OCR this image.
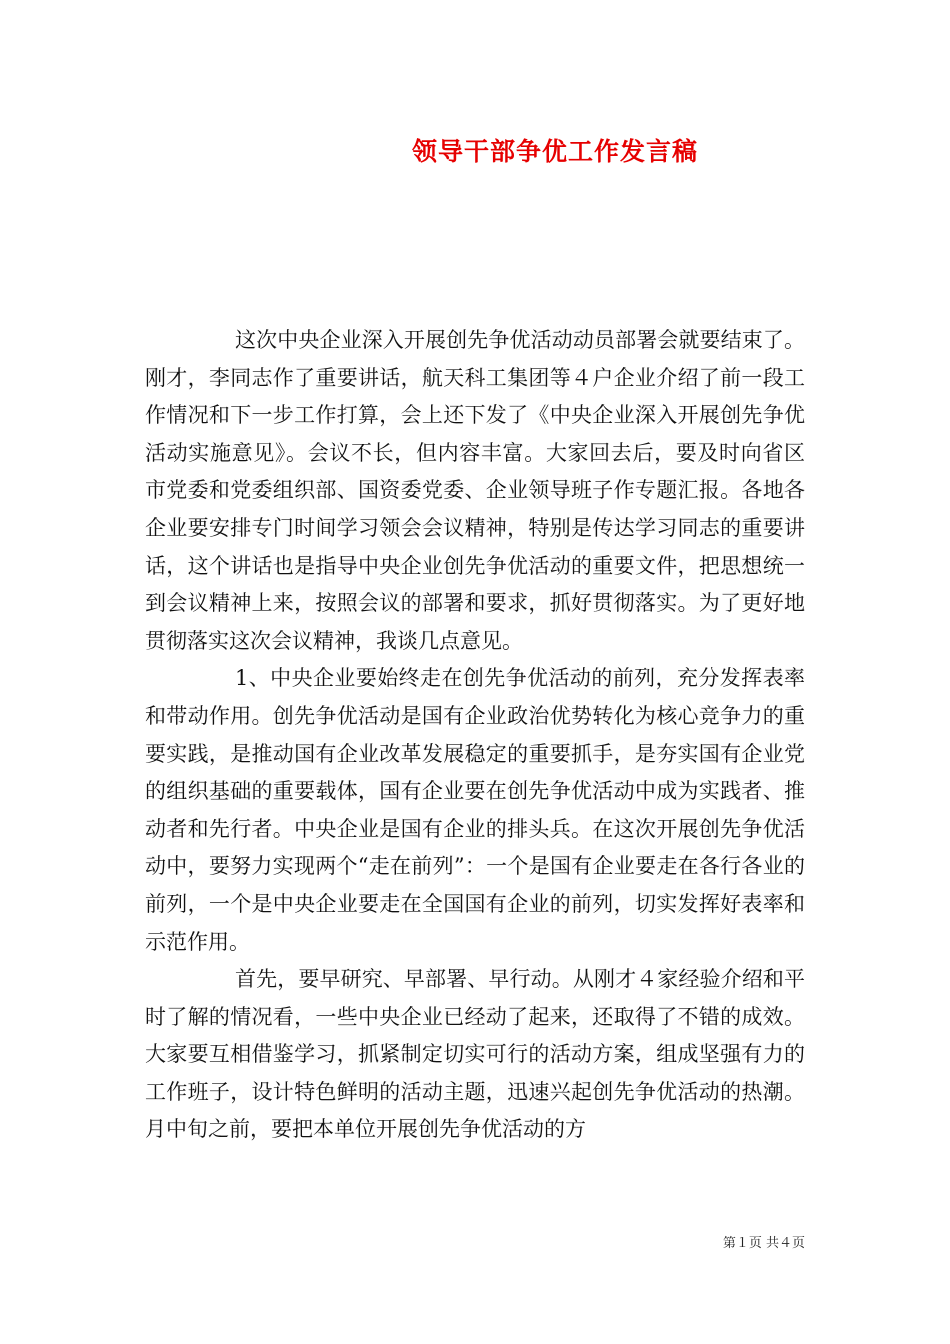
领导干部争优工作发言稿

这次中央企业深入开展创先争优活动动员部署会就要结束了。刚才，李同志作了重要讲话，航天科工集团等４户企业介绍了前一段工作情况和下一步工作打算，会上还下发了《中央企业深入开展创先争优活动实施意见》。会议不长，但内容丰富。大家回去后，要及时向省区市党委和党委组织部、国资委党委、企业领导班子作专题汇报。各地各企业要安排专门时间学习领会会议精神，特别是传达学习同志的重要讲话，这个讲话也是指导中央企业创先争优活动的重要文件，把思想统一到会议精神上来，按照会议的部署和要求，抓好贯彻落实。为了更好地贯彻落实这次会议精神，我谈几点意见。

1、中央企业要始终走在创先争优活动的前列，充分发挥表率和带动作用。创先争优活动是国有企业政治优势转化为核心竞争力的重要实践，是推动国有企业改革发展稳定的重要抓手，是夯实国有企业党的组织基础的重要载体，国有企业要在创先争优活动中成为实践者、推动者和先行者。中央企业是国有企业的排头兵。在这次开展创先争优活动中，要努力实现两个“走在前列”：一个是国有企业要走在各行各业的前列，一个是中央企业要走在全国国有企业的前列，切实发挥好表率和示范作用。

首先，要早研究、早部署、早行动。从刚才４家经验介绍和平时了解的情况看，一些中央企业已经动了起来，还取得了不错的成效。大家要互相借鉴学习，抓紧制定切实可行的活动方案，组成坚强有力的工作班子，设计特色鲜明的活动主题，迅速兴起创先争优活动的热潮。月中旬之前，要把本单位开展创先争优活动的方

第１页 共４页
